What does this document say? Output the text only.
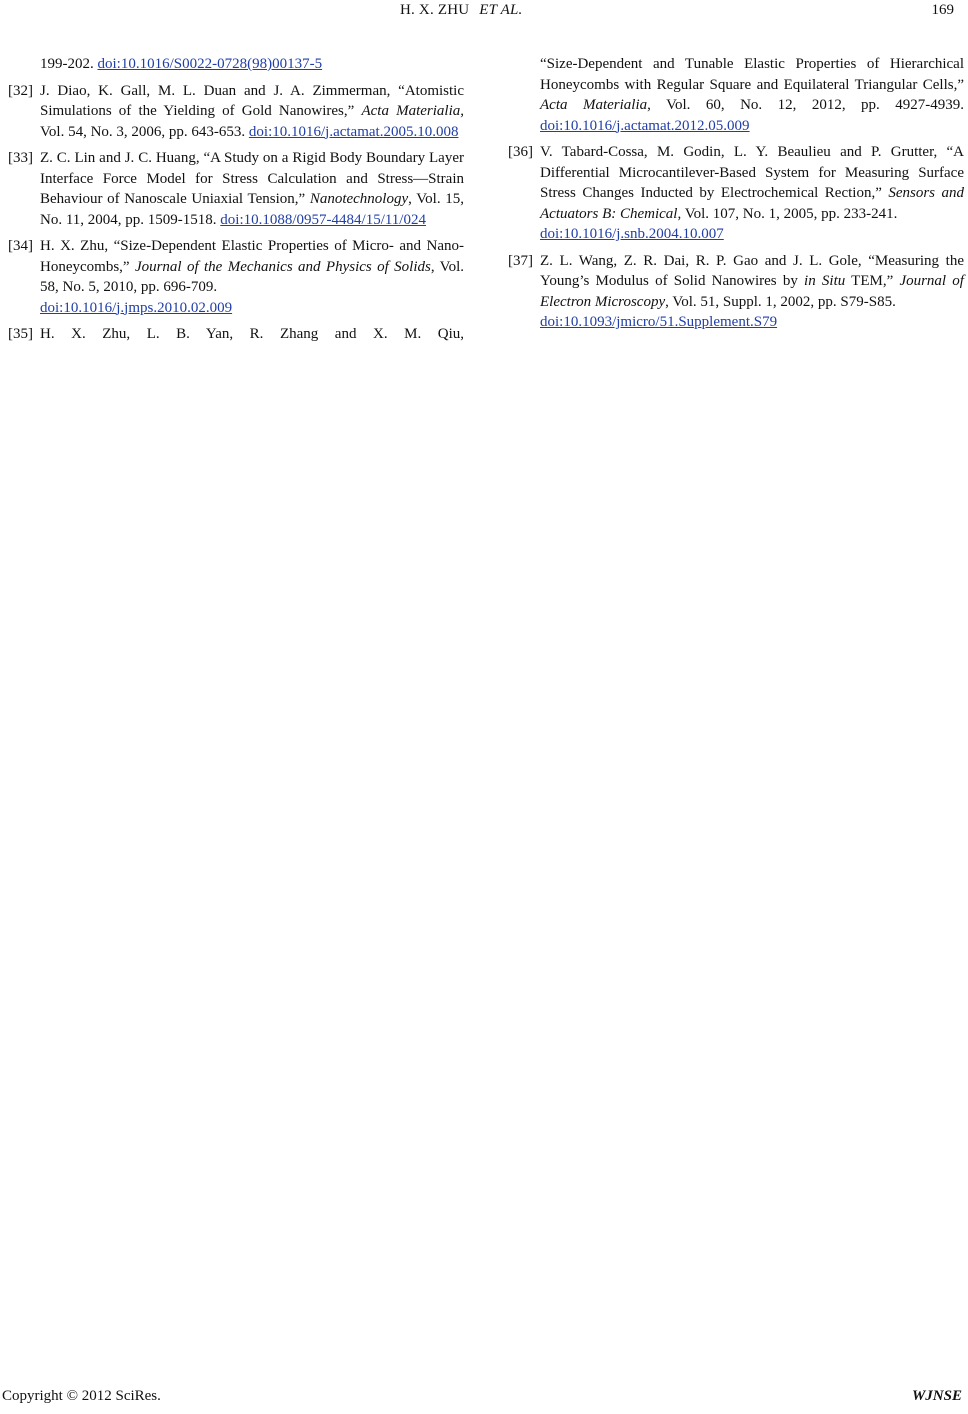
H. X. ZHU ET AL.	169
199-202. doi:10.1016/S0022-0728(98)00137-5
[32] J. Diao, K. Gall, M. L. Duan and J. A. Zimmerman, “Atomistic Simulations of the Yielding of Gold Nanowires,” Acta Materialia, Vol. 54, No. 3, 2006, pp. 643-653. doi:10.1016/j.actamat.2005.10.008
[33] Z. C. Lin and J. C. Huang, “A Study on a Rigid Body Boundary Layer Interface Force Model for Stress Calculation and Stress—Strain Behaviour of Nanoscale Uniaxial Tension,” Nanotechnology, Vol. 15, No. 11, 2004, pp. 1509-1518. doi:10.1088/0957-4484/15/11/024
[34] H. X. Zhu, “Size-Dependent Elastic Properties of Micro- and Nano-Honeycombs,” Journal of the Mechanics and Physics of Solids, Vol. 58, No. 5, 2010, pp. 696-709.
doi:10.1016/j.jmps.2010.02.009
[35] H. X. Zhu, L. B. Yan, R. Zhang and X. M. Qiu,
“Size-Dependent and Tunable Elastic Properties of Hierarchical Honeycombs with Regular Square and Equilateral Triangular Cells,” Acta Materialia, Vol. 60, No. 12, 2012, pp. 4927-4939. doi:10.1016/j.actamat.2012.05.009
[36] V. Tabard-Cossa, M. Godin, L. Y. Beaulieu and P. Grutter, “A Differential Microcantilever-Based System for Measuring Surface Stress Changes Inducted by Electrochemical Rection,” Sensors and Actuators B: Chemical, Vol. 107, No. 1, 2005, pp. 233-241.
doi:10.1016/j.snb.2004.10.007
[37] Z. L. Wang, Z. R. Dai, R. P. Gao and J. L. Gole, “Measuring the Young’s Modulus of Solid Nanowires by in Situ TEM,” Journal of Electron Microscopy, Vol. 51, Suppl. 1, 2002, pp. S79-S85.
doi:10.1093/jmicro/51.Supplement.S79
Copyright © 2012 SciRes.	WJNSE
